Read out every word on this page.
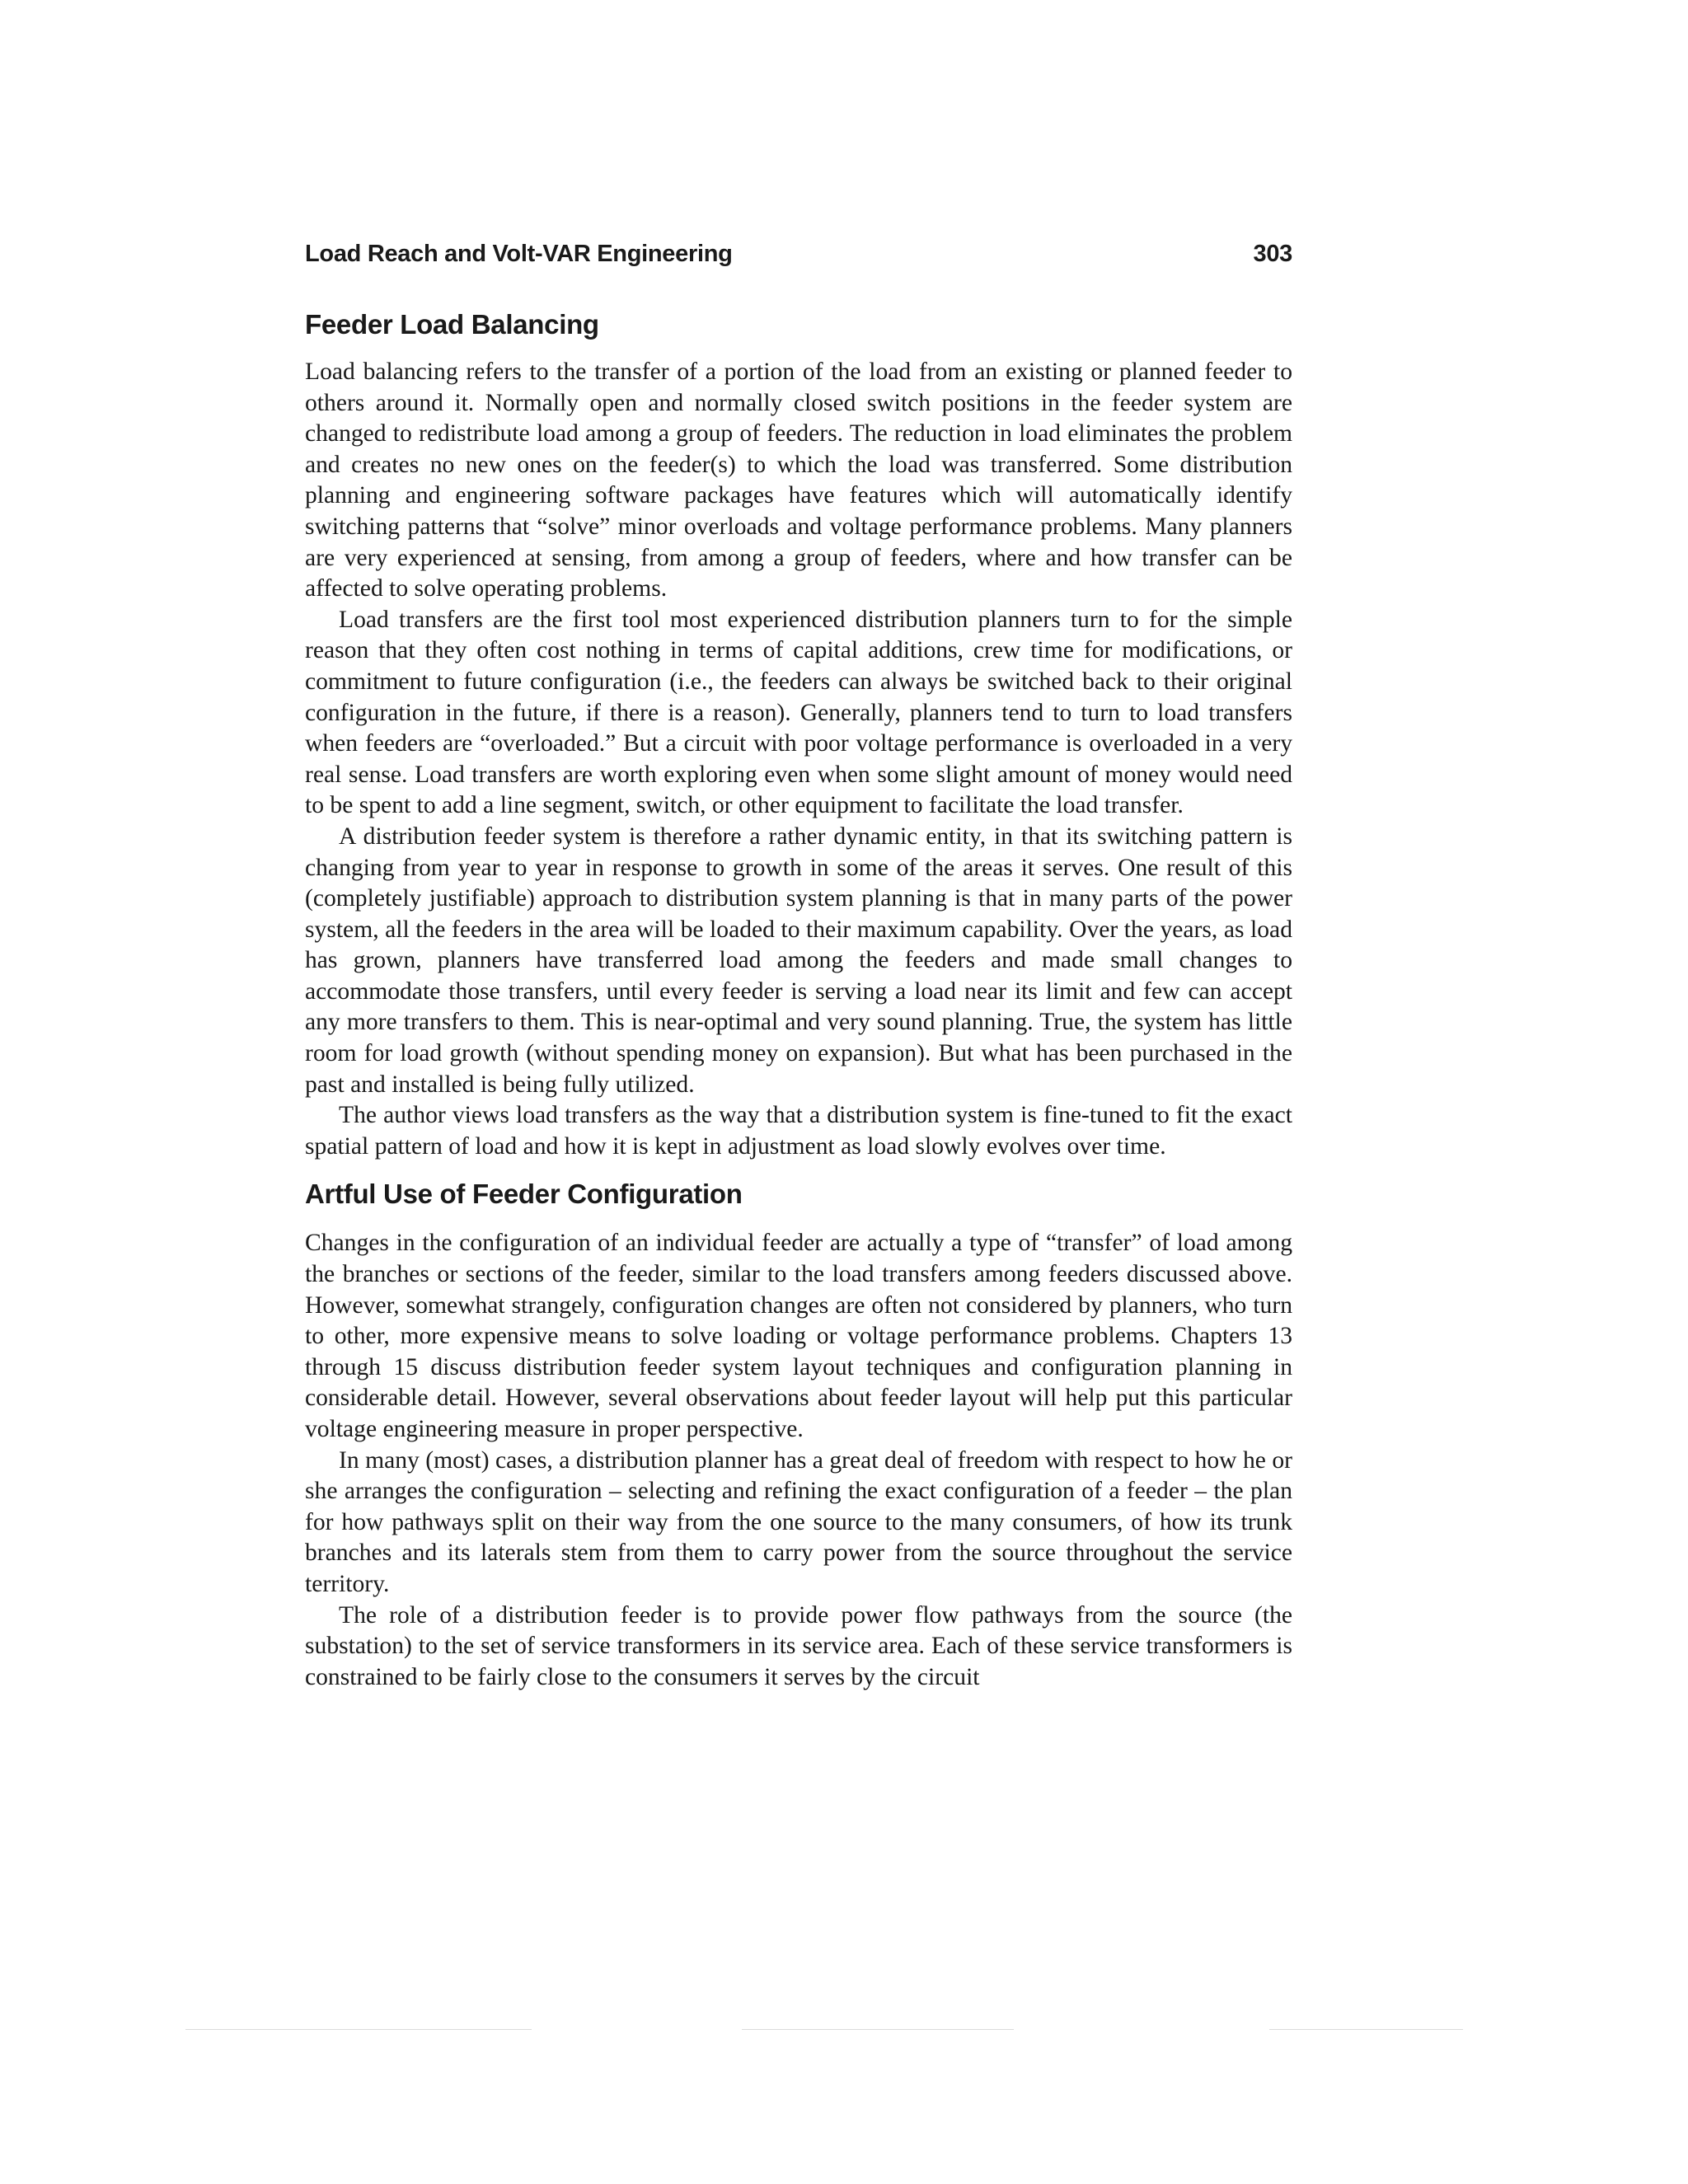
Load Reach and Volt-VAR Engineering	303
Feeder Load Balancing

Load balancing refers to the transfer of a portion of the load from an existing or planned feeder to others around it. Normally open and normally closed switch positions in the feeder system are changed to redistribute load among a group of feeders. The reduction in load eliminates the problem and creates no new ones on the feeder(s) to which the load was transferred. Some distribution planning and engineering software packages have features which will automatically identify switching patterns that “solve” minor overloads and voltage performance problems. Many planners are very experienced at sensing, from among a group of feeders, where and how transfer can be affected to solve operating problems.

Load transfers are the first tool most experienced distribution planners turn to for the simple reason that they often cost nothing in terms of capital additions, crew time for modifications, or commitment to future configuration (i.e., the feeders can always be switched back to their original configuration in the future, if there is a reason). Generally, planners tend to turn to load transfers when feeders are “overloaded.” But a circuit with poor voltage performance is overloaded in a very real sense. Load transfers are worth exploring even when some slight amount of money would need to be spent to add a line segment, switch, or other equipment to facilitate the load transfer.

A distribution feeder system is therefore a rather dynamic entity, in that its switching pattern is changing from year to year in response to growth in some of the areas it serves. One result of this (completely justifiable) approach to distribution system planning is that in many parts of the power system, all the feeders in the area will be loaded to their maximum capability. Over the years, as load has grown, planners have transferred load among the feeders and made small changes to accommodate those transfers, until every feeder is serving a load near its limit and few can accept any more transfers to them. This is near-optimal and very sound planning. True, the system has little room for load growth (without spending money on expansion). But what has been purchased in the past and installed is being fully utilized.

The author views load transfers as the way that a distribution system is fine-tuned to fit the exact spatial pattern of load and how it is kept in adjustment as load slowly evolves over time.

Artful Use of Feeder Configuration

Changes in the configuration of an individual feeder are actually a type of “transfer” of load among the branches or sections of the feeder, similar to the load transfers among feeders discussed above. However, somewhat strangely, configuration changes are often not considered by planners, who turn to other, more expensive means to solve loading or voltage performance problems. Chapters 13 through 15 discuss distribution feeder system layout techniques and configuration planning in considerable detail. However, several observations about feeder layout will help put this particular voltage engineering measure in proper perspective.

In many (most) cases, a distribution planner has a great deal of freedom with respect to how he or she arranges the configuration – selecting and refining the exact configuration of a feeder – the plan for how pathways split on their way from the one source to the many consumers, of how its trunk branches and its laterals stem from them to carry power from the source throughout the service territory.

The role of a distribution feeder is to provide power flow pathways from the source (the substation) to the set of service transformers in its service area. Each of these service transformers is constrained to be fairly close to the consumers it serves by the circuit
